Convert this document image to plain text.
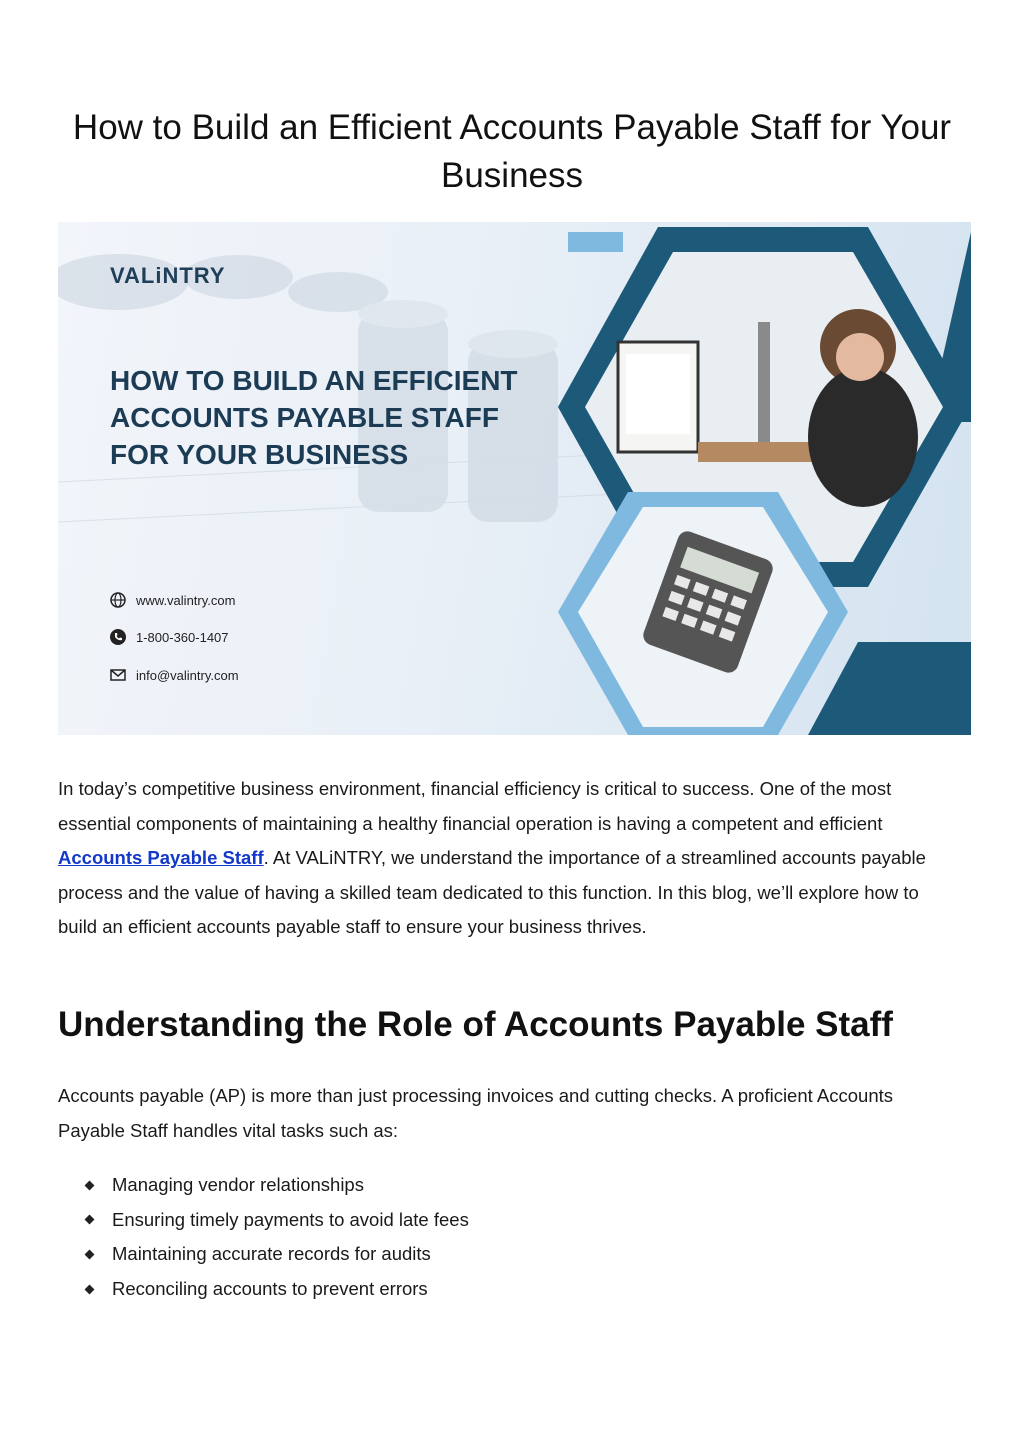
How to Build an Efficient Accounts Payable Staff for Your Business
VALiNTRY
HOW TO BUILD AN EFFICIENT ACCOUNTS PAYABLE STAFF FOR YOUR BUSINESS
www.valintry.com
1-800-360-1407
info@valintry.com

In today’s competitive business environment, financial efficiency is critical to success. One of the most essential components of maintaining a healthy financial operation is having a competent and efficient Accounts Payable Staff. At VALiNTRY, we understand the importance of a streamlined accounts payable process and the value of having a skilled team dedicated to this function. In this blog, we’ll explore how to build an efficient accounts payable staff to ensure your business thrives.

Understanding the Role of Accounts Payable Staff

Accounts payable (AP) is more than just processing invoices and cutting checks. A proficient Accounts Payable Staff handles vital tasks such as:

Managing vendor relationships
Ensuring timely payments to avoid late fees
Maintaining accurate records for audits
Reconciling accounts to prevent errors
